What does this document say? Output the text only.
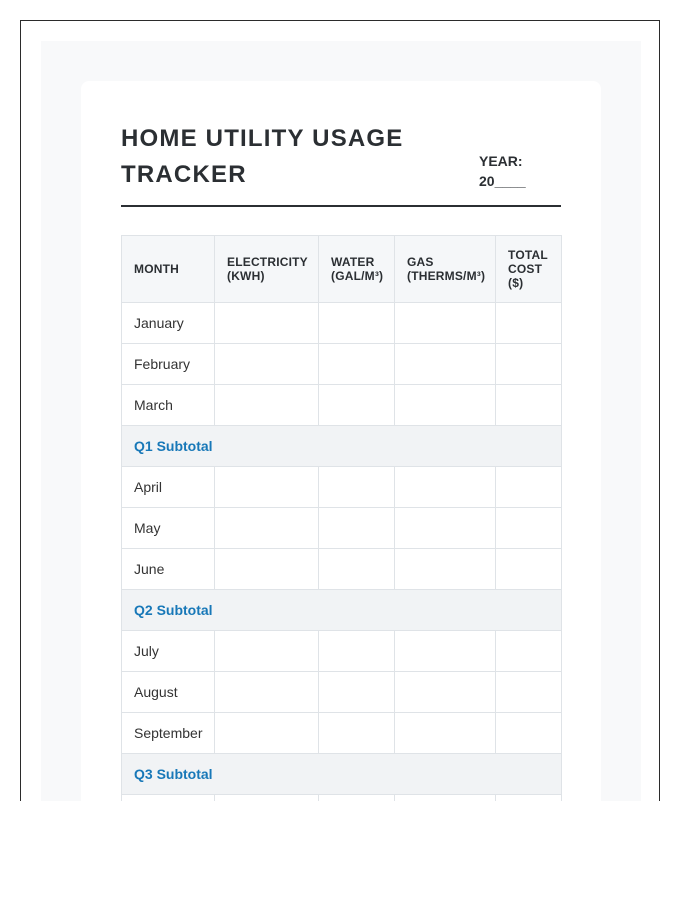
HOME UTILITY USAGE TRACKER	YEAR:
20____
MONTH	ELECTRICITY (KWH)	WATER (GAL/M³)	GAS (THERMS/M³)	TOTAL COST ($)
January				
February				
March				
Q1 Subtotal				
April				
May				
June				
Q2 Subtotal				
July				
August				
September				
Q3 Subtotal				
